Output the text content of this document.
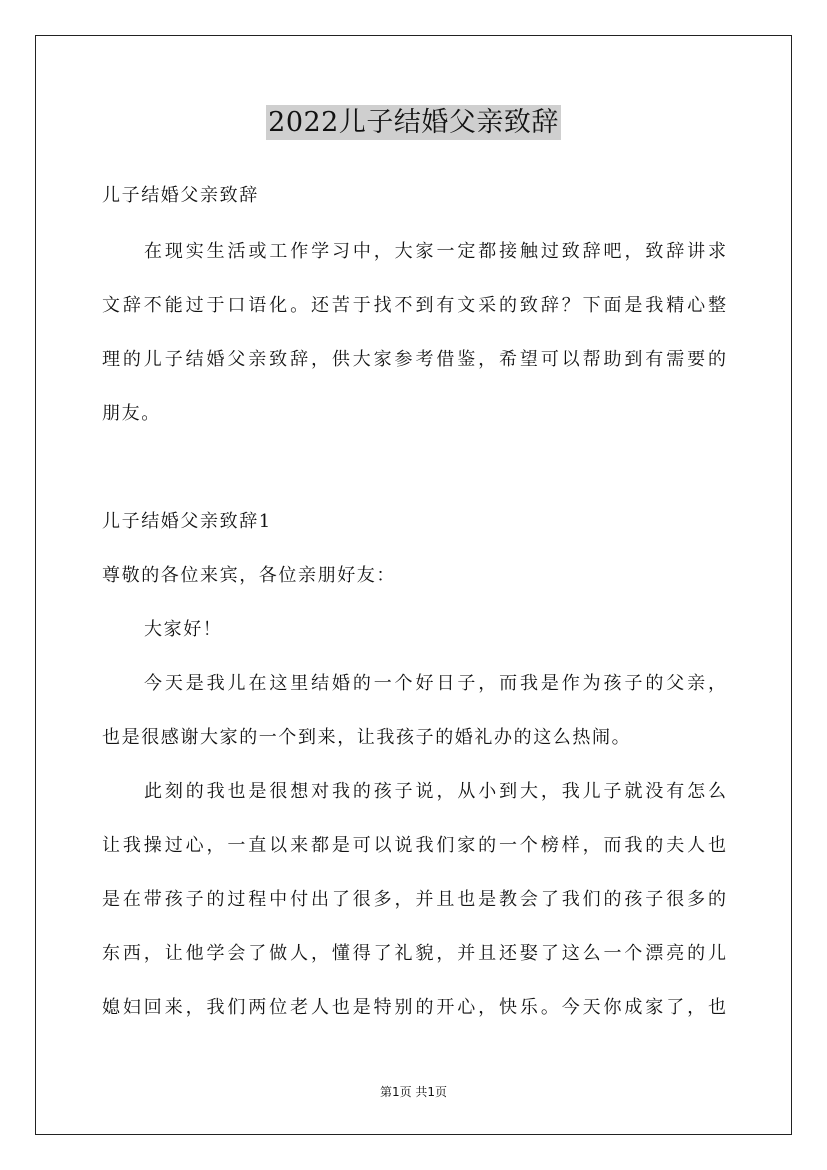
2022儿子结婚父亲致辞
儿子结婚父亲致辞
在现实生活或工作学习中，大家一定都接触过致辞吧，致辞讲求
文辞不能过于口语化。还苦于找不到有文采的致辞？下面是我精心整
理的儿子结婚父亲致辞，供大家参考借鉴，希望可以帮助到有需要的
朋友。
儿子结婚父亲致辞1
尊敬的各位来宾，各位亲朋好友：
大家好！
今天是我儿在这里结婚的一个好日子，而我是作为孩子的父亲，
也是很感谢大家的一个到来，让我孩子的婚礼办的这么热闹。
此刻的我也是很想对我的孩子说，从小到大，我儿子就没有怎么
让我操过心，一直以来都是可以说我们家的一个榜样，而我的夫人也
是在带孩子的过程中付出了很多，并且也是教会了我们的孩子很多的
东西，让他学会了做人，懂得了礼貌，并且还娶了这么一个漂亮的儿
媳妇回来，我们两位老人也是特别的开心，快乐。今天你成家了，也
第1页 共1页
